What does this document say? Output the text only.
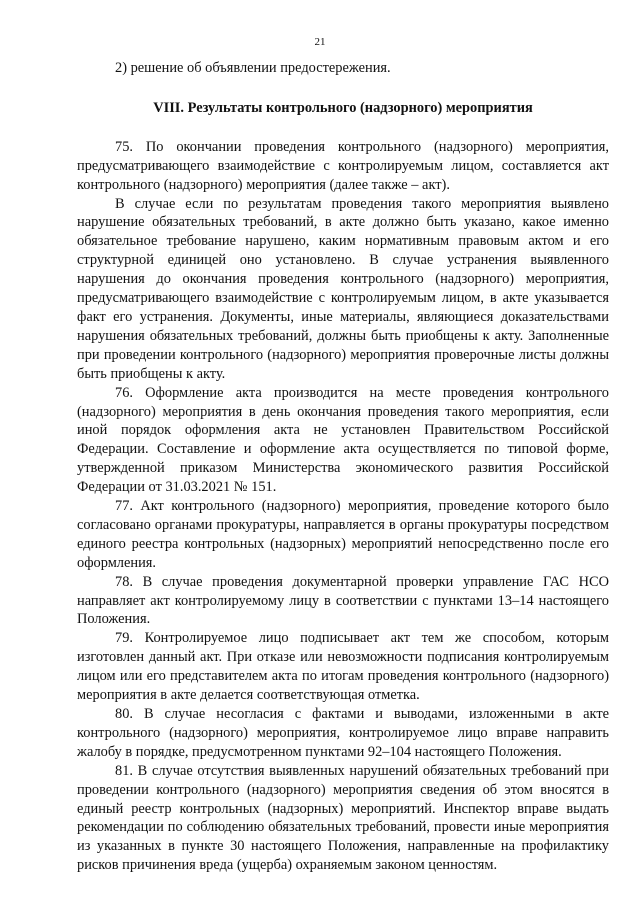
21

2) решение об объявлении предостережения.

VIII. Результаты контрольного (надзорного) мероприятия

75. По окончании проведения контрольного (надзорного) мероприятия, предусматривающего взаимодействие с контролируемым лицом, составляется акт контрольного (надзорного) мероприятия (далее также – акт).

В случае если по результатам проведения такого мероприятия выявлено нарушение обязательных требований, в акте должно быть указано, какое именно обязательное требование нарушено, каким нормативным правовым актом и его структурной единицей оно установлено. В случае устранения выявленного нарушения до окончания проведения контрольного (надзорного) мероприятия, предусматривающего взаимодействие с контролируемым лицом, в акте указывается факт его устранения. Документы, иные материалы, являющиеся доказательствами нарушения обязательных требований, должны быть приобщены к акту. Заполненные при проведении контрольного (надзорного) мероприятия проверочные листы должны быть приобщены к акту.

76. Оформление акта производится на месте проведения контрольного (надзорного) мероприятия в день окончания проведения такого мероприятия, если иной порядок оформления акта не установлен Правительством Российской Федерации. Составление и оформление акта осуществляется по типовой форме, утвержденной приказом Министерства экономического развития Российской Федерации от 31.03.2021 № 151.

77. Акт контрольного (надзорного) мероприятия, проведение которого было согласовано органами прокуратуры, направляется в органы прокуратуры посредством единого реестра контрольных (надзорных) мероприятий непосредственно после его оформления.

78. В случае проведения документарной проверки управление ГАС НСО направляет акт контролируемому лицу в соответствии с пунктами 13–14 настоящего Положения.

79. Контролируемое лицо подписывает акт тем же способом, которым изготовлен данный акт. При отказе или невозможности подписания контролируемым лицом или его представителем акта по итогам проведения контрольного (надзорного) мероприятия в акте делается соответствующая отметка.

80. В случае несогласия с фактами и выводами, изложенными в акте контрольного (надзорного) мероприятия, контролируемое лицо вправе направить жалобу в порядке, предусмотренном пунктами 92–104 настоящего Положения.

81. В случае отсутствия выявленных нарушений обязательных требований при проведении контрольного (надзорного) мероприятия сведения об этом вносятся в единый реестр контрольных (надзорных) мероприятий. Инспектор вправе выдать рекомендации по соблюдению обязательных требований, провести иные мероприятия из указанных в пункте 30 настоящего Положения, направленные на профилактику рисков причинения вреда (ущерба) охраняемым законом ценностям.
